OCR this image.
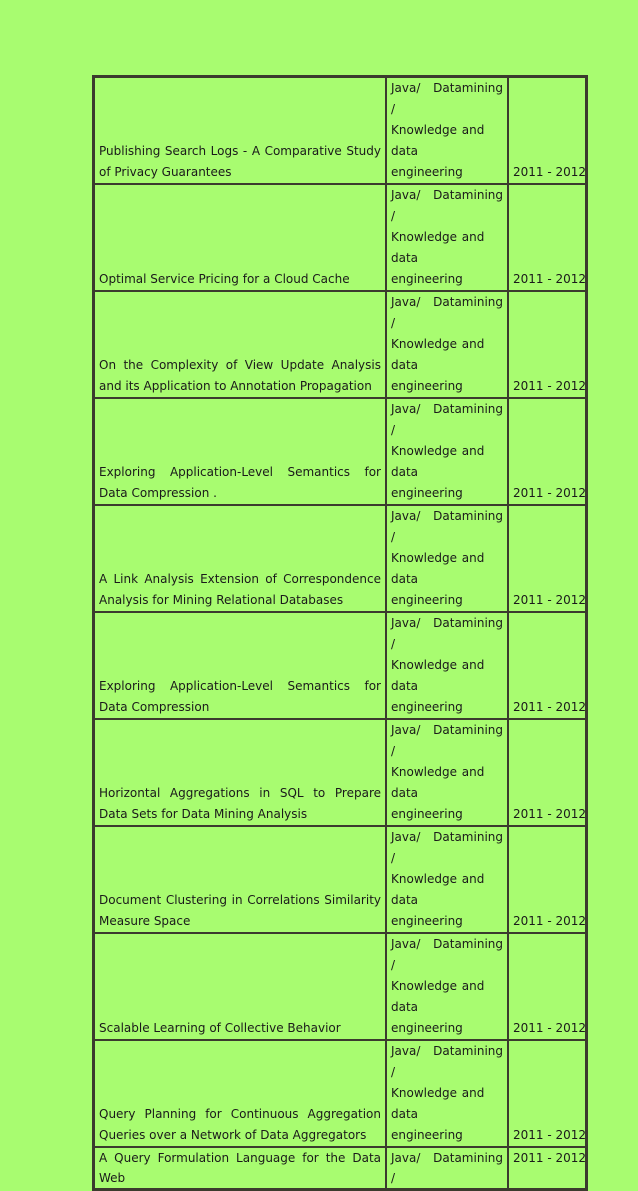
Publishing Search Logs - A Comparative Study of Privacy Guarantees	Java/ Datamining /
Knowledge and data
engineering	2011 - 2012
Optimal Service Pricing for a Cloud Cache	Java/ Datamining /
Knowledge and data
engineering	2011 - 2012
On the Complexity of View Update Analysis and its Application to Annotation Propagation	Java/ Datamining /
Knowledge and data
engineering	2011 - 2012
Exploring Application-Level Semantics for Data Compression .	Java/ Datamining /
Knowledge and data
engineering	2011 - 2012
A Link Analysis Extension of Correspondence Analysis for Mining Relational Databases	Java/ Datamining /
Knowledge and data
engineering	2011 - 2012
Exploring Application-Level Semantics for Data Compression	Java/ Datamining /
Knowledge and data
engineering	2011 - 2012
Horizontal Aggregations in SQL to Prepare Data Sets for Data Mining Analysis	Java/ Datamining /
Knowledge and data
engineering	2011 - 2012
Document Clustering in Correlations Similarity Measure Space	Java/ Datamining /
Knowledge and data
engineering	2011 - 2012
Scalable Learning of Collective Behavior	Java/ Datamining /
Knowledge and data
engineering	2011 - 2012
Query Planning for Continuous Aggregation Queries over a Network of Data Aggregators	Java/ Datamining /
Knowledge and data
engineering	2011 - 2012
A Query Formulation Language for the Data Web	Java/ Datamining /	2011 - 2012
